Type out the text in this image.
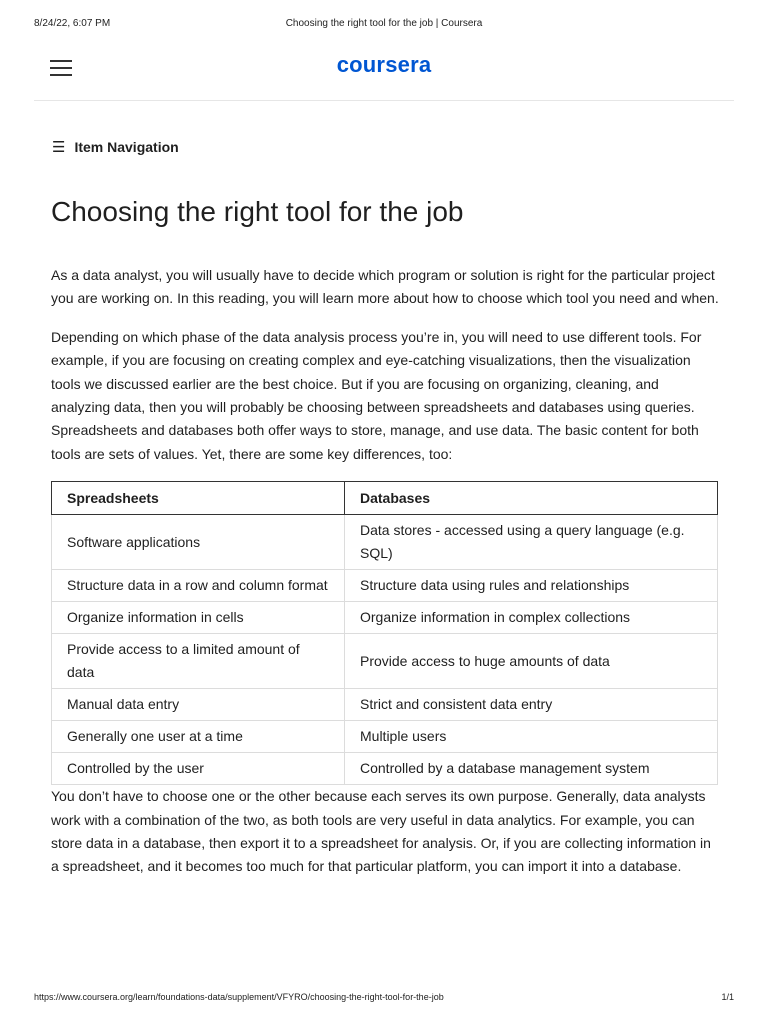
8/24/22, 6:07 PM	Choosing the right tool for the job | Coursera
coursera
☰ Item Navigation
Choosing the right tool for the job

As a data analyst, you will usually have to decide which program or solution is right for the particular project you are working on. In this reading, you will learn more about how to choose which tool you need and when.

Depending on which phase of the data analysis process you’re in, you will need to use different tools. For example, if you are focusing on creating complex and eye-catching visualizations, then the visualization tools we discussed earlier are the best choice. But if you are focusing on organizing, cleaning, and analyzing data, then you will probably be choosing between spreadsheets and databases using queries. Spreadsheets and databases both offer ways to store, manage, and use data. The basic content for both tools are sets of values. Yet, there are some key differences, too:

Spreadsheets	Databases
Software applications	Data stores - accessed using a query language (e.g. SQL)
Structure data in a row and column format	Structure data using rules and relationships
Organize information in cells	Organize information in complex collections
Provide access to a limited amount of data	Provide access to huge amounts of data
Manual data entry	Strict and consistent data entry
Generally one user at a time	Multiple users
Controlled by the user	Controlled by a database management system

You don’t have to choose one or the other because each serves its own purpose. Generally, data analysts work with a combination of the two, as both tools are very useful in data analytics. For example, you can store data in a database, then export it to a spreadsheet for analysis. Or, if you are collecting information in a spreadsheet, and it becomes too much for that particular platform, you can import it into a database.

https://www.coursera.org/learn/foundations-data/supplement/VFYRO/choosing-the-right-tool-for-the-job	1/1
